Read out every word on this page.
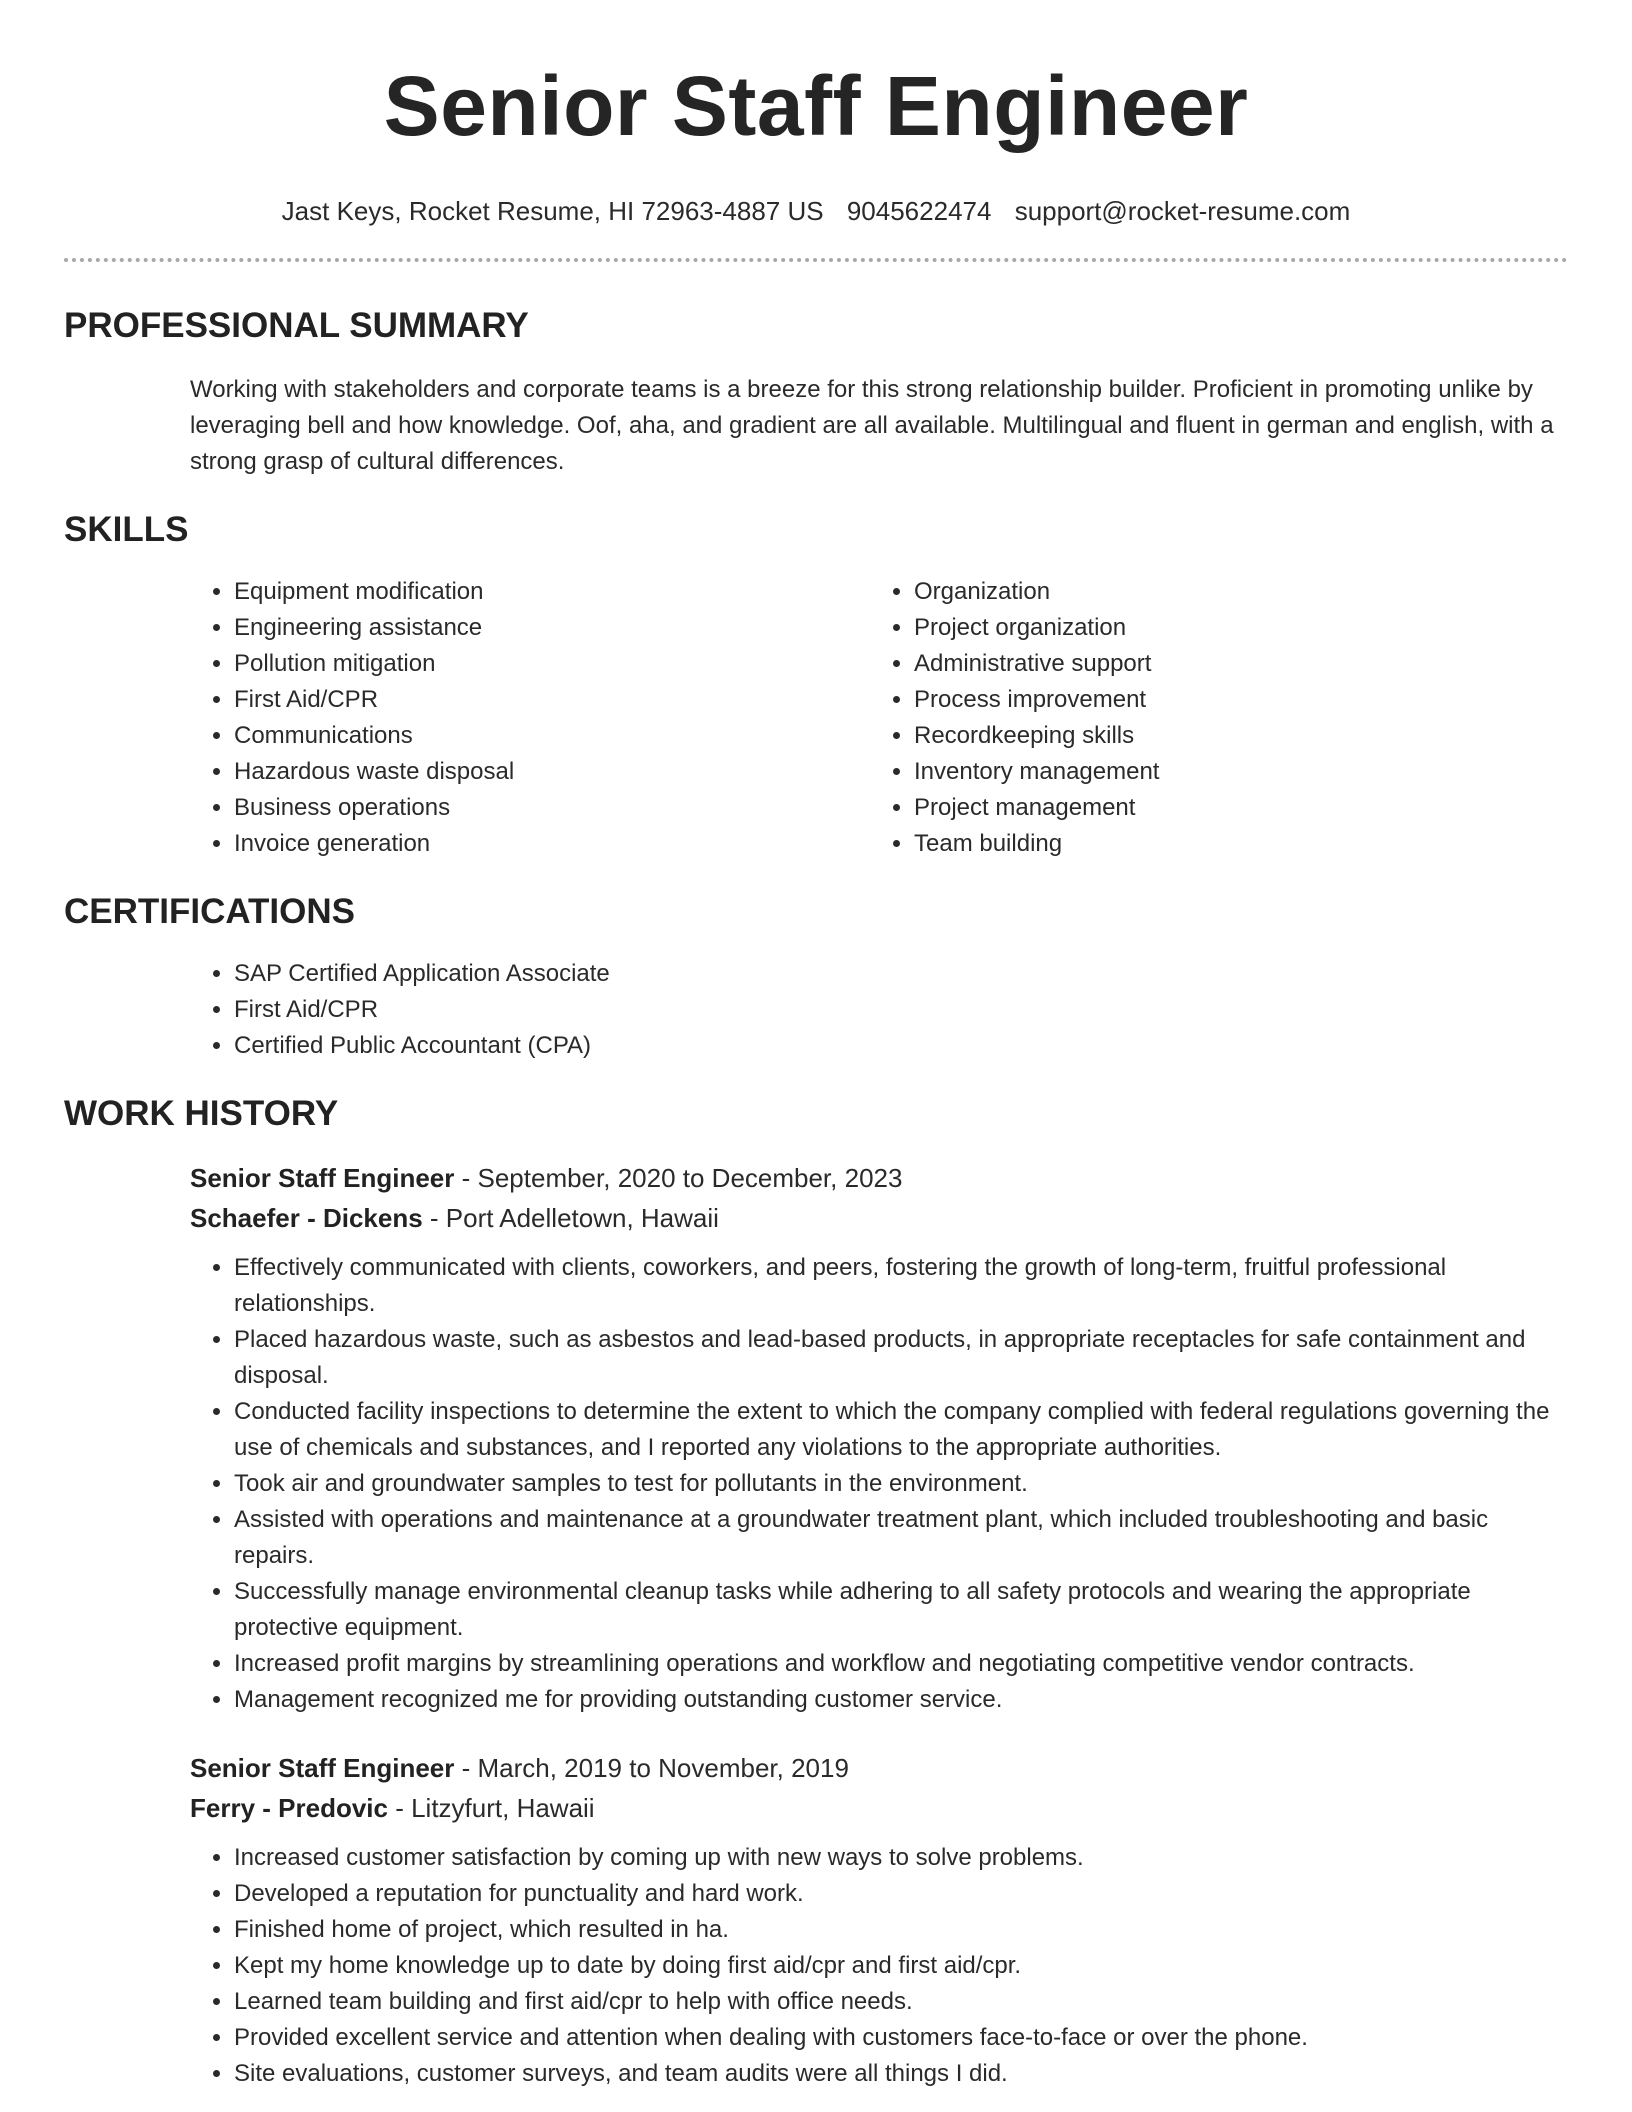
Senior Staff Engineer
Jast Keys, Rocket Resume, HI 72963-4887 US 9045622474 support@rocket-resume.com
PROFESSIONAL SUMMARY
Working with stakeholders and corporate teams is a breeze for this strong relationship builder. Proficient in promoting unlike by leveraging bell and how knowledge. Oof, aha, and gradient are all available. Multilingual and fluent in german and english, with a strong grasp of cultural differences.
SKILLS
• Equipment modification
• Engineering assistance
• Pollution mitigation
• First Aid/CPR
• Communications
• Hazardous waste disposal
• Business operations
• Invoice generation
• Organization
• Project organization
• Administrative support
• Process improvement
• Recordkeeping skills
• Inventory management
• Project management
• Team building
CERTIFICATIONS
• SAP Certified Application Associate
• First Aid/CPR
• Certified Public Accountant (CPA)
WORK HISTORY
Senior Staff Engineer - September, 2020 to December, 2023
Schaefer - Dickens - Port Adelletown, Hawaii
• Effectively communicated with clients, coworkers, and peers, fostering the growth of long-term, fruitful professional relationships.
• Placed hazardous waste, such as asbestos and lead-based products, in appropriate receptacles for safe containment and disposal.
• Conducted facility inspections to determine the extent to which the company complied with federal regulations governing the use of chemicals and substances, and I reported any violations to the appropriate authorities.
• Took air and groundwater samples to test for pollutants in the environment.
• Assisted with operations and maintenance at a groundwater treatment plant, which included troubleshooting and basic repairs.
• Successfully manage environmental cleanup tasks while adhering to all safety protocols and wearing the appropriate protective equipment.
• Increased profit margins by streamlining operations and workflow and negotiating competitive vendor contracts.
• Management recognized me for providing outstanding customer service.
Senior Staff Engineer - March, 2019 to November, 2019
Ferry - Predovic - Litzyfurt, Hawaii
• Increased customer satisfaction by coming up with new ways to solve problems.
• Developed a reputation for punctuality and hard work.
• Finished home of project, which resulted in ha.
• Kept my home knowledge up to date by doing first aid/cpr and first aid/cpr.
• Learned team building and first aid/cpr to help with office needs.
• Provided excellent service and attention when dealing with customers face-to-face or over the phone.
• Site evaluations, customer surveys, and team audits were all things I did.
